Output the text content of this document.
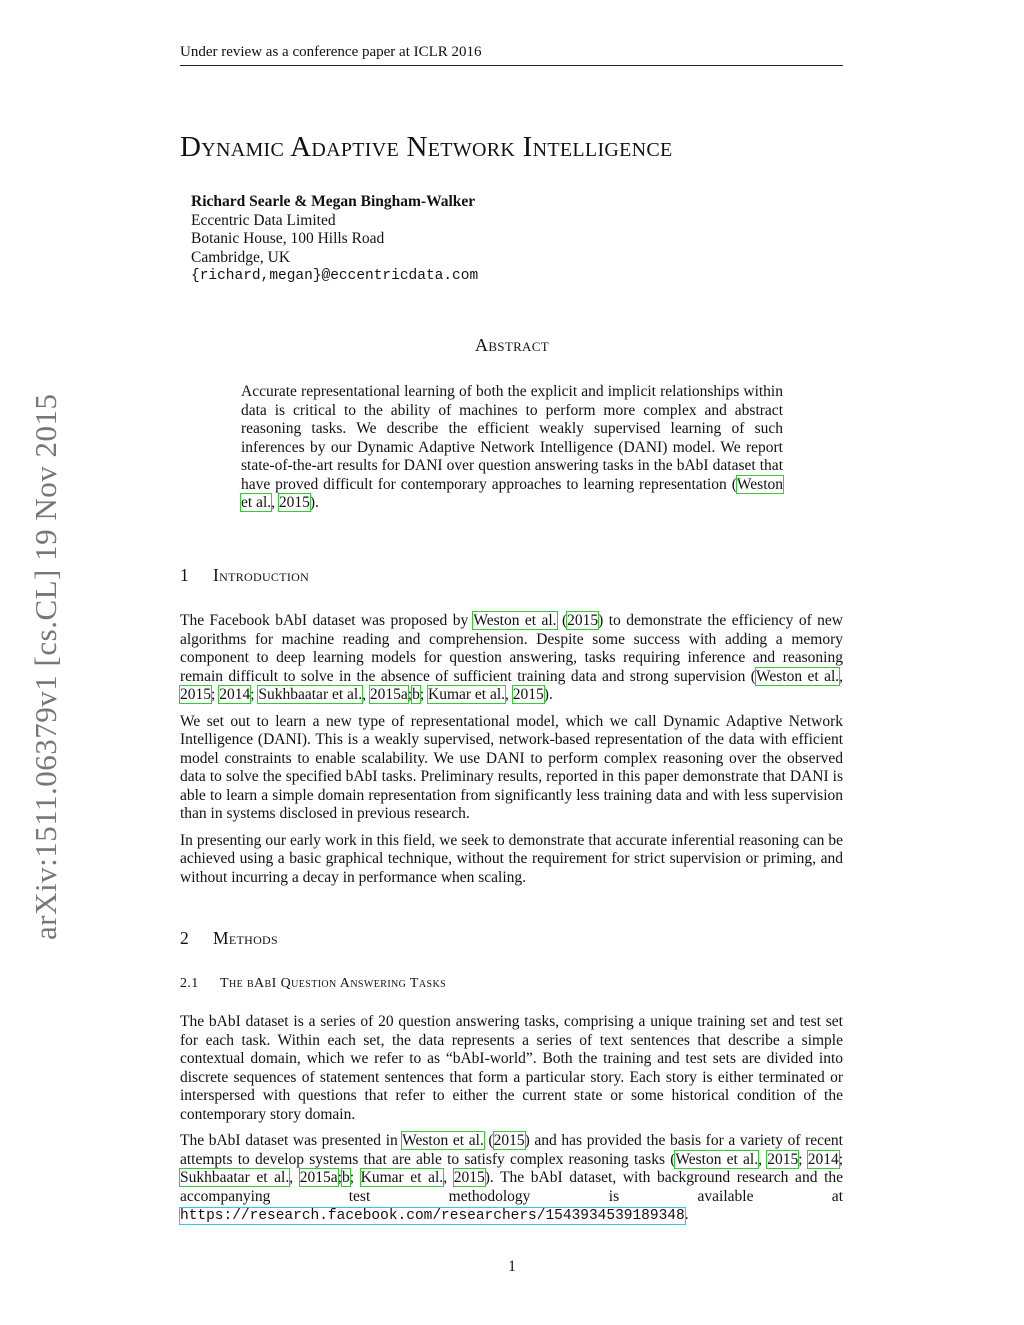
Under review as a conference paper at ICLR 2016
arXiv:1511.06379v1 [cs.CL] 19 Nov 2015
Dynamic Adaptive Network Intelligence
Richard Searle & Megan Bingham-Walker
Eccentric Data Limited
Botanic House, 100 Hills Road
Cambridge, UK
{richard,megan}@eccentricdata.com
Abstract
Accurate representational learning of both the explicit and implicit relationships within data is critical to the ability of machines to perform more complex and abstract reasoning tasks. We describe the efficient weakly supervised learning of such inferences by our Dynamic Adaptive Network Intelligence (DANI) model. We report state-of-the-art results for DANI over question answering tasks in the bAbI dataset that have proved difficult for contemporary approaches to learning representation (Weston et al., 2015).
1 Introduction

The Facebook bAbI dataset was proposed by Weston et al. (2015) to demonstrate the efficiency of new algorithms for machine reading and comprehension. Despite some success with adding a memory component to deep learning models for question answering, tasks requiring inference and reasoning remain difficult to solve in the absence of sufficient training data and strong supervision (Weston et al., 2015; 2014; Sukhbaatar et al., 2015a;b; Kumar et al., 2015).

We set out to learn a new type of representational model, which we call Dynamic Adaptive Network Intelligence (DANI). This is a weakly supervised, network-based representation of the data with efficient model constraints to enable scalability. We use DANI to perform complex reasoning over the observed data to solve the specified bAbI tasks. Preliminary results, reported in this paper demonstrate that DANI is able to learn a simple domain representation from significantly less training data and with less supervision than in systems disclosed in previous research.

In presenting our early work in this field, we seek to demonstrate that accurate inferential reasoning can be achieved using a basic graphical technique, without the requirement for strict supervision or priming, and without incurring a decay in performance when scaling.

2 Methods
2.1 The bAbI Question Answering Tasks

The bAbI dataset is a series of 20 question answering tasks, comprising a unique training set and test set for each task. Within each set, the data represents a series of text sentences that describe a simple contextual domain, which we refer to as “bAbI-world”. Both the training and test sets are divided into discrete sequences of statement sentences that form a particular story. Each story is either terminated or interspersed with questions that refer to either the current state or some historical condition of the contemporary story domain.

The bAbI dataset was presented in Weston et al. (2015) and has provided the basis for a variety of recent attempts to develop systems that are able to satisfy complex reasoning tasks (Weston et al., 2015; 2014; Sukhbaatar et al., 2015a;b; Kumar et al., 2015). The bAbI dataset, with background research and the accompanying test methodology is available at https://research.facebook.com/researchers/1543934539189348.

1
